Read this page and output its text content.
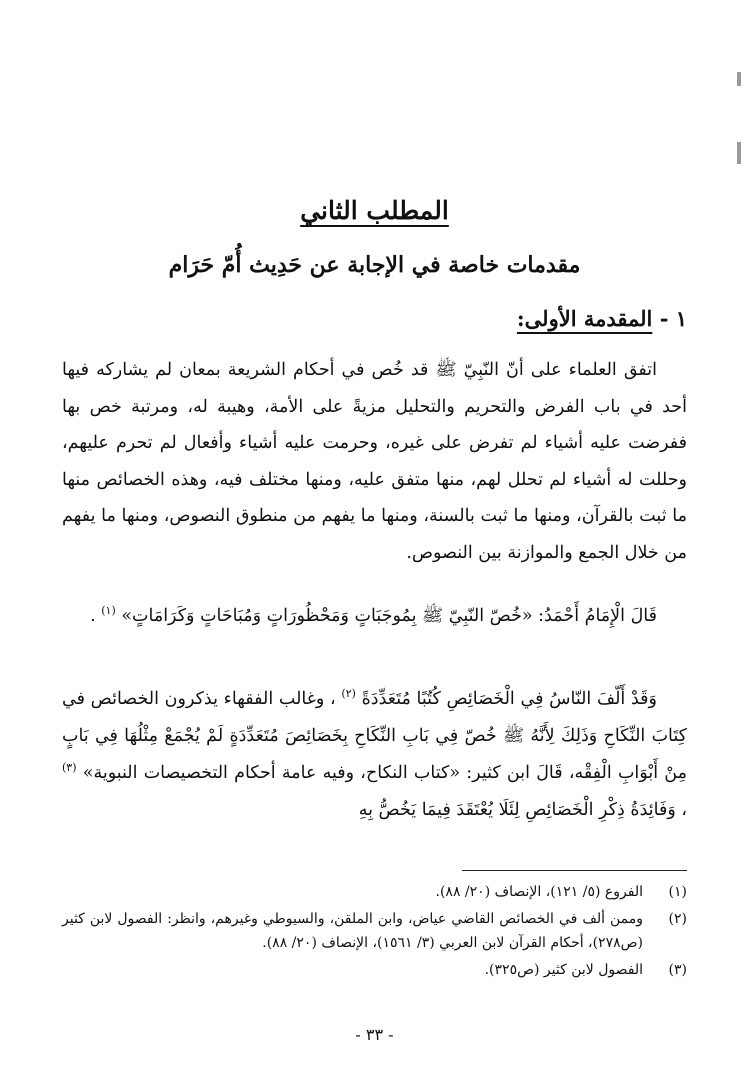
المطلب الثاني
مقدمات خاصة في الإجابة عن حَدِيث أُمّ حَرَام
١ - المقدمة الأولى:

اتفق العلماء على أنّ النّبِيّ ﷺ قد خُص في أحكام الشريعة بمعان لم يشاركه فيها أحد في باب الفرض والتحريم والتحليل مزيةً على الأمة، وهيبة له، ومرتبة خص بها ففرضت عليه أشياء لم تفرض على غيره، وحرمت عليه أشياء وأفعال لم تحرم عليهم، وحللت له أشياء لم تحلل لهم، منها متفق عليه، ومنها مختلف فيه، وهذه الخصائص منها ما ثبت بالقرآن، ومنها ما ثبت بالسنة، ومنها ما يفهم من منطوق النصوص، ومنها ما يفهم من خلال الجمع والموازنة بين النصوص.

قَالَ الْإِمَامُ أَحْمَدُ: «خُصّ النّبِيّ ﷺ بِمُوجَبَاتٍ وَمَحْظُورَاتٍ وَمُبَاحَاتٍ وَكَرَامَاتٍ» $^{(١)}$ .

وَقَدْ أَلّفَ النّاسُ فِي الْخَصَائِصِ كُتُبًا مُتَعَدِّدَةً $^{(٢)}$ ، وغالب الفقهاء يذكرون الخصائص في كِتَابَ النِّكَاحِ وَذَلِكَ لِأَنَّهُ ﷺ خُصّ فِي بَابِ النِّكَاحِ بِخَصَائِصَ مُتَعَدِّدَةٍ لَمْ يُجْمَعْ مِثْلُهَا فِي بَابٍ مِنْ أَبْوَابِ الْفِقْه، قَالَ ابن كثير: «كتاب النكاح، وفيه عامة أحكام التخصيصات النبوية» $^{(٣)}$ ، وَفَائِدَةُ ذِكْرِ الْخَصَائِصِ لِئَلَا يُعْتَقَدَ فِيمَا يَخُصُّ بِهِ

(١)
الفروع (٥/ ١٢١)، الإنصاف (٢٠/ ٨٨).
(٢)
وممن ألف في الخصائص القاضي عياض، وابن الملقن، والسيوطي وغيرهم، وانظر: الفصول لابن كثير (ص٢٧٨)، أحكام القرآن لابن العربي (٣/ ١٥٦١)، الإنصاف (٢٠/ ٨٨).
(٣)
الفصول لابن كثير (ص٣٢٥).

- ٣٣ -
